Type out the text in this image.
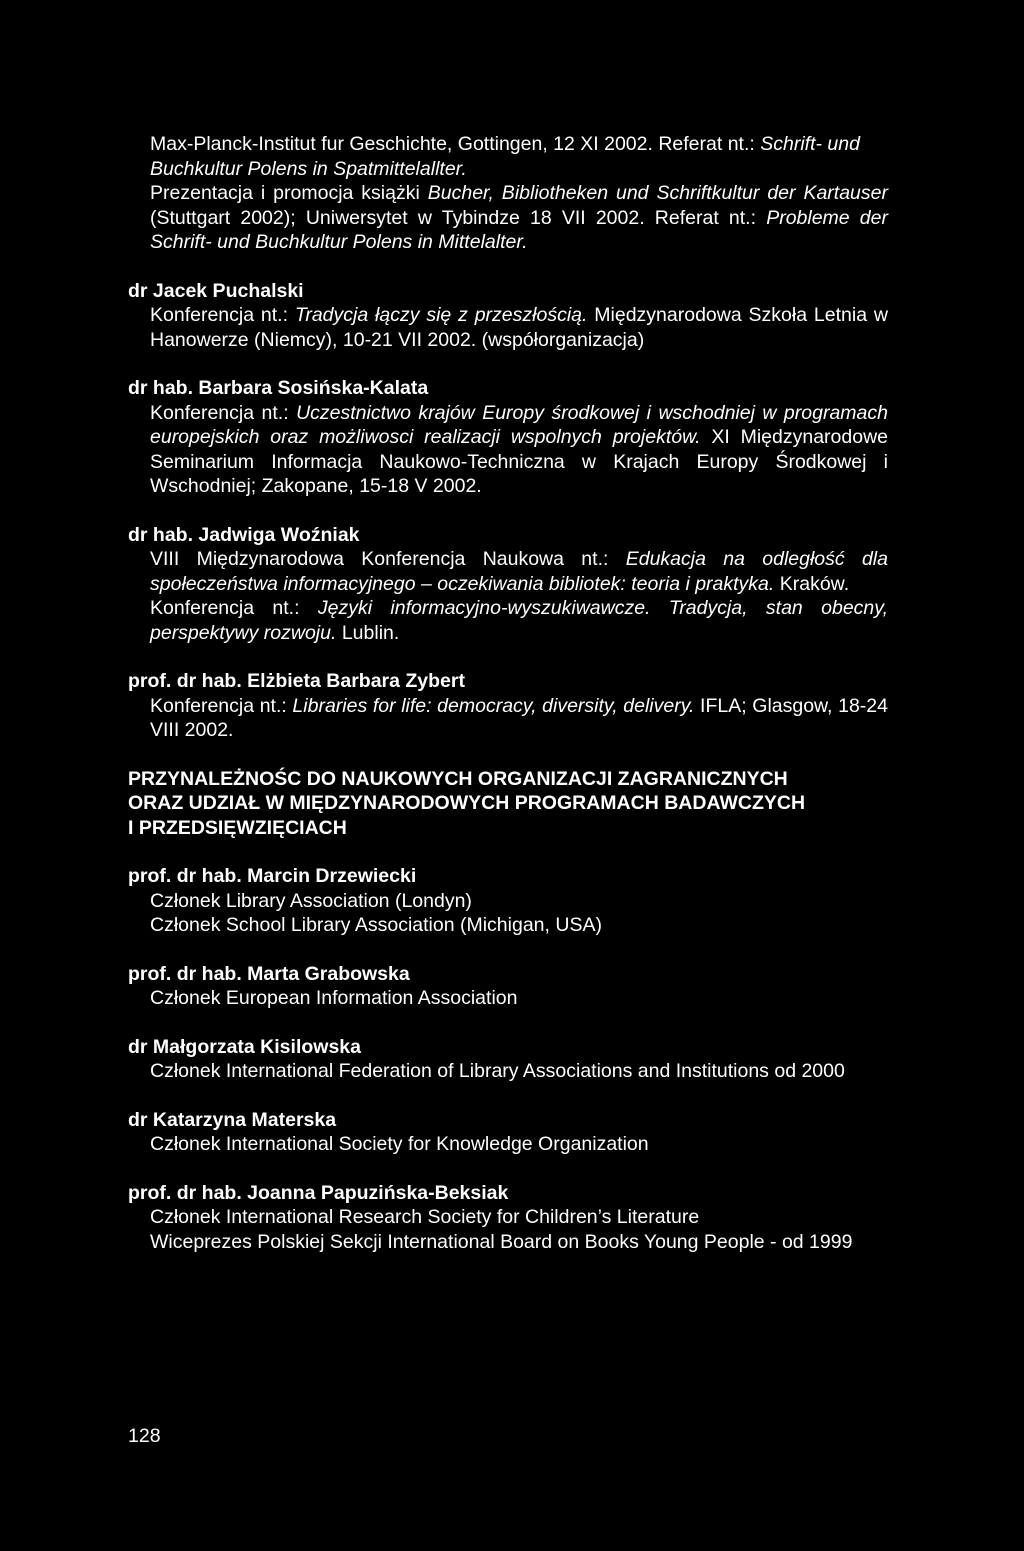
Max-Planck-Institut fur Geschichte, Gottingen, 12 XI 2002. Referat nt.: Schrift- und Buchkultur Polens in Spatmittelallter.

Prezentacja i promocja książki Bucher, Bibliotheken und Schriftkultur der Kartauser (Stuttgart 2002); Uniwersytet w Tybindze 18 VII 2002. Referat nt.: Probleme der Schrift- und Buchkultur Polens in Mittelalter.

dr Jacek Puchalski

Konferencja nt.: Tradycja łączy się z przeszłością. Międzynarodowa Szkoła Letnia w Hanowerze (Niemcy), 10-21 VII 2002. (współorganizacja)

dr hab. Barbara Sosińska-Kalata

Konferencja nt.: Uczestnictwo krajów Europy środkowej i wschodniej w programach europejskich oraz możliwosci realizacji wspolnych projektów. XI Międzynarodowe Seminarium Informacja Naukowo-Techniczna w Krajach Europy Środkowej i Wschodniej; Zakopane, 15-18 V 2002.

dr hab. Jadwiga Woźniak

VIII Międzynarodowa Konferencja Naukowa nt.: Edukacja na odległość dla społeczeństwa informacyjnego – oczekiwania bibliotek: teoria i praktyka. Kraków.

Konferencja nt.: Języki informacyjno-wyszukiwawcze. Tradycja, stan obecny, perspektywy rozwoju. Lublin.

prof. dr hab. Elżbieta Barbara Zybert

Konferencja nt.: Libraries for life: democracy, diversity, delivery. IFLA; Glasgow, 18-24 VIII 2002.

PRZYNALEŻNOŚC DO NAUKOWYCH ORGANIZACJI ZAGRANICZNYCH

ORAZ UDZIAŁ W MIĘDZYNARODOWYCH PROGRAMACH BADAWCZYCH

I PRZEDSIĘWZIĘCIACH

prof. dr hab. Marcin Drzewiecki

Członek Library Association (Londyn)

Członek School Library Association (Michigan, USA)

prof. dr hab. Marta Grabowska

Członek European Information Association

dr Małgorzata Kisilowska

Członek International Federation of Library Associations and Institutions od 2000

dr Katarzyna Materska

Członek International Society for Knowledge Organization

prof. dr hab. Joanna Papuzińska-Beksiak

Członek International Research Society for Children’s Literature

Wiceprezes Polskiej Sekcji International Board on Books Young People - od 1999

128
